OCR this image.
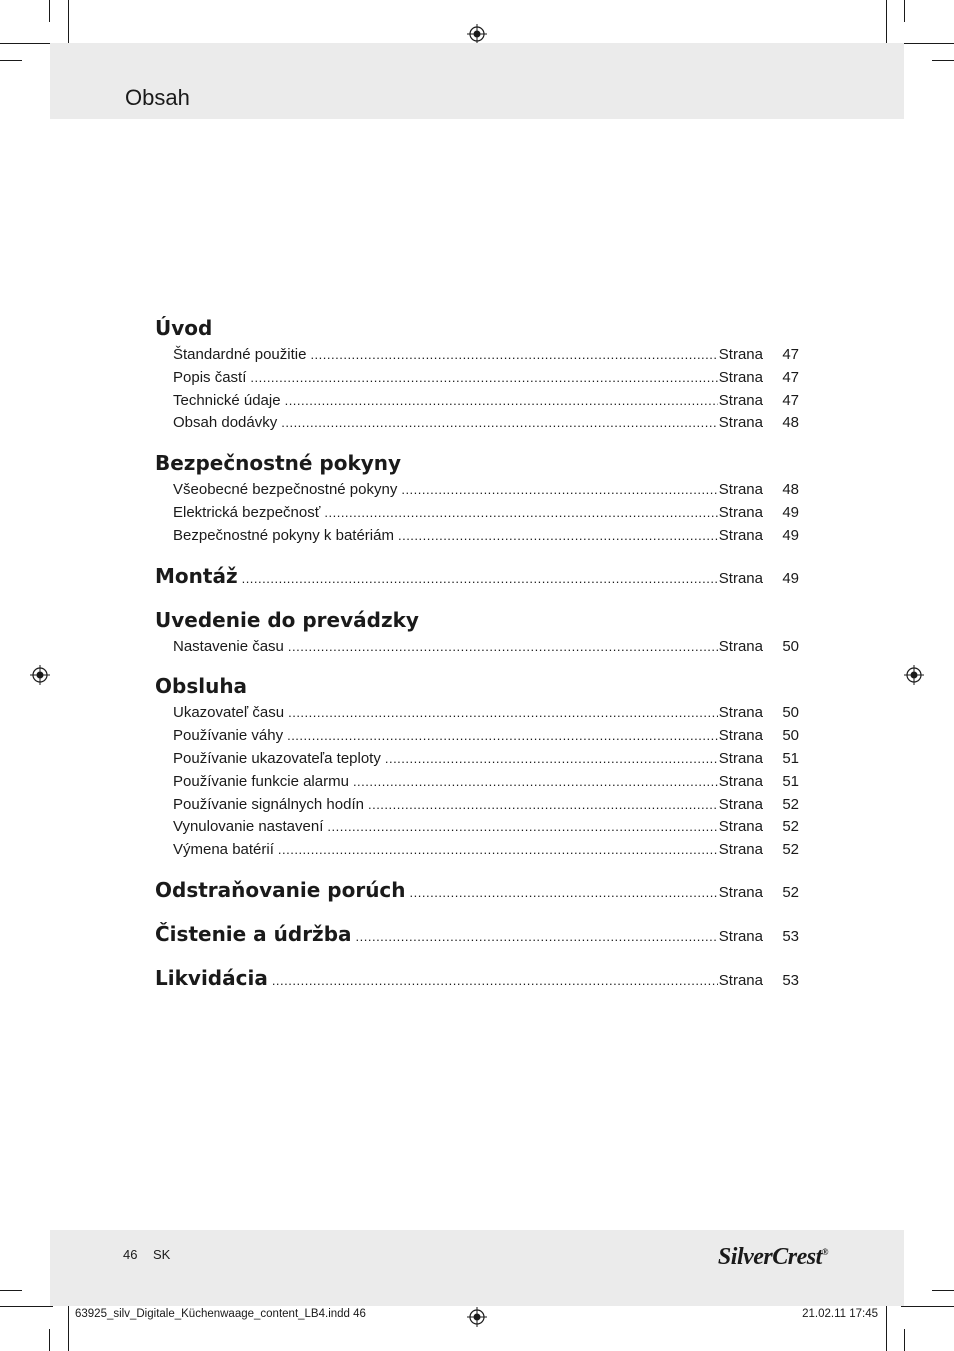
Obsah
Úvod
Štandardné použitie .....	Strana	47
Popis častí .....	Strana	47
Technické údaje .....	Strana	47
Obsah dodávky .....	Strana	48
Bezpečnostné pokyny
Všeobecné bezpečnostné pokyny .....	Strana	48
Elektrická bezpečnosť .....	Strana	49
Bezpečnostné pokyny k batériám .....	Strana	49
Montáž .....	Strana	49
Uvedenie do prevádzky
Nastavenie času .....	Strana	50
Obsluha
Ukazovateľ času .....	Strana	50
Používanie váhy .....	Strana	50
Používanie ukazovateľa teploty .....	Strana	51
Používanie funkcie alarmu .....	Strana	51
Používanie signálnych hodín .....	Strana	52
Vynulovanie nastavení .....	Strana	52
Výmena batérií .....	Strana	52
Odstraňovanie porúch .....	Strana	52
Čistenie a údržba .....	Strana	53
Likvidácia .....	Strana	53
46 SK	SilverCrest®
63925_silv_Digitale_Küchenwaage_content_LB4.indd 46	21.02.11 17:45
